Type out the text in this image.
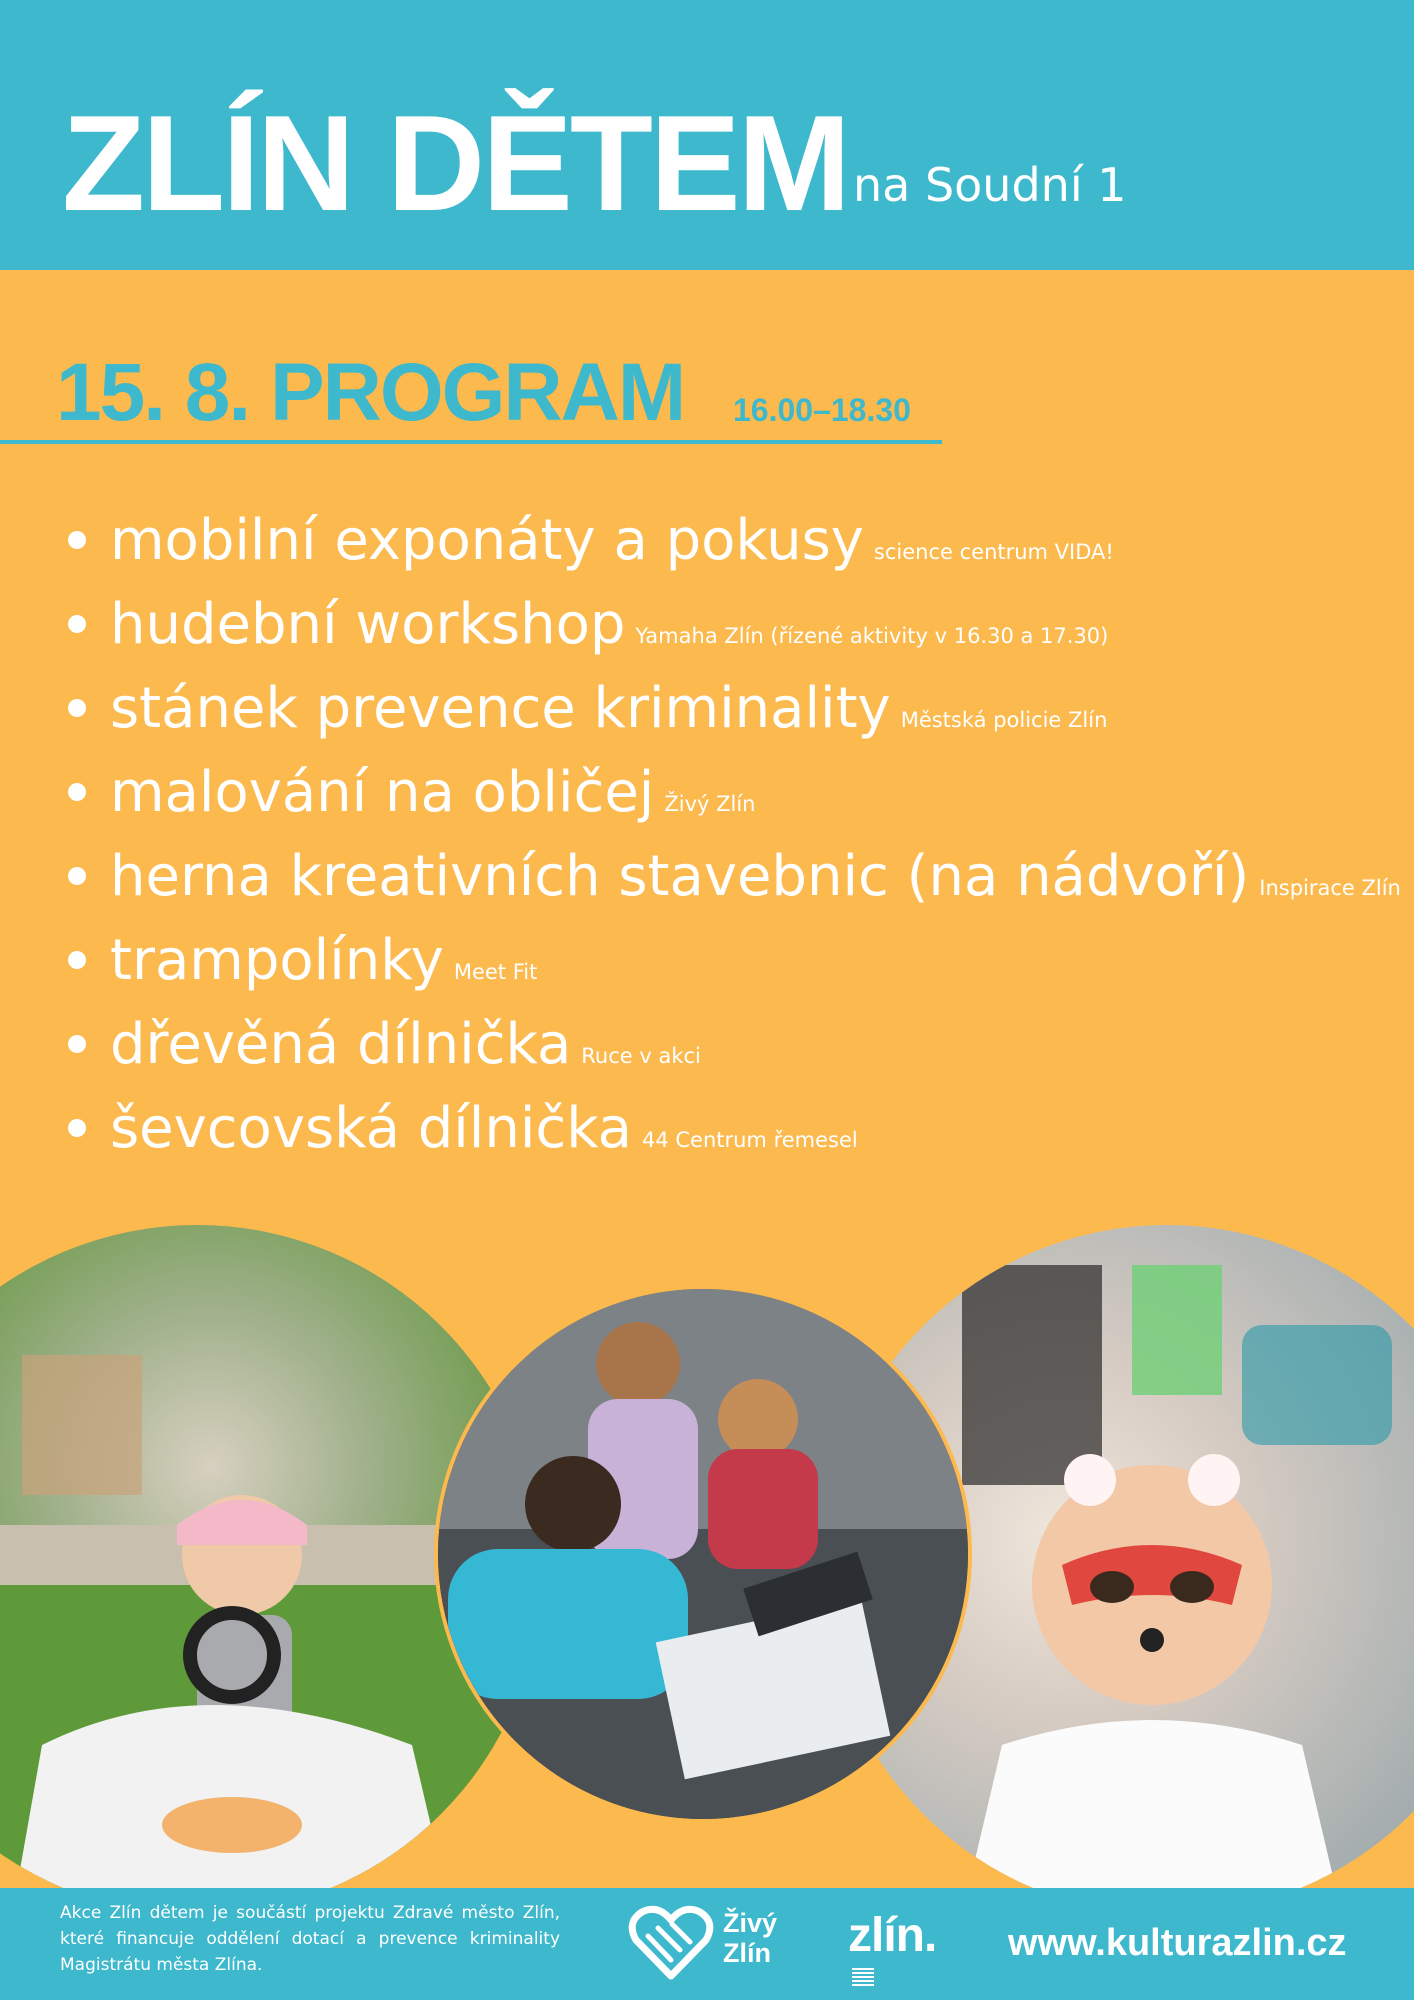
ZLÍN DĚTEM na Soudní 1
15. 8. PROGRAM 16.00–18.30
mobilní exponáty a pokusy science centrum VIDA!
hudební workshop Yamaha Zlín (řízené aktivity v 16.30 a 17.30)
stánek prevence kriminality Městská policie Zlín
malování na obličej Živý Zlín
herna kreativních stavebnic (na nádvoří) Inspirace Zlín
trampolínky Meet Fit
dřevěná dílnička Ruce v akci
ševcovská dílnička 44 Centrum řemesel
Akce Zlín dětem je součástí projektu Zdravé město Zlín, které financuje oddělení dotací a prevence kriminality Magistrátu města Zlína.
Živý
Zlín zlín. www.kulturazlin.cz
